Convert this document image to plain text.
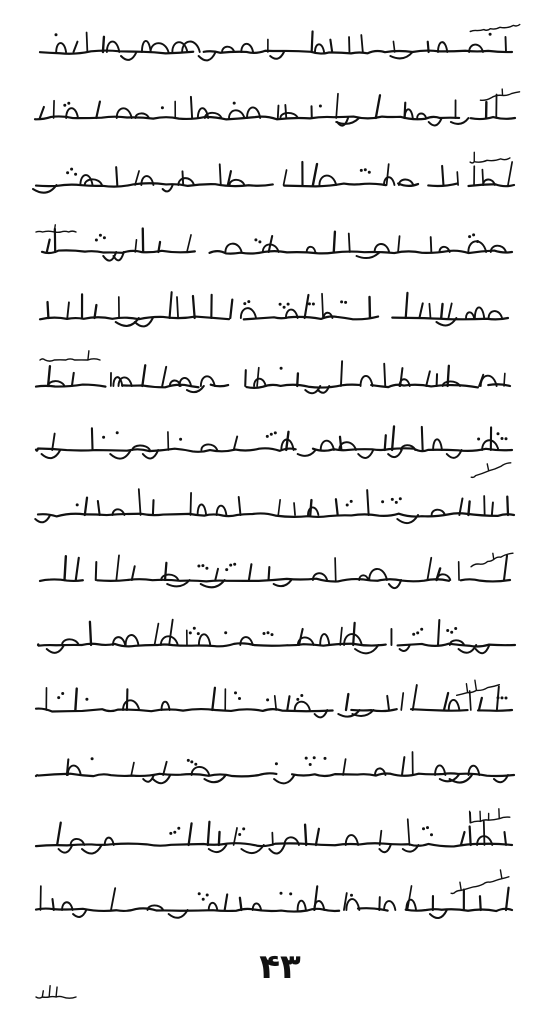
۴۳
